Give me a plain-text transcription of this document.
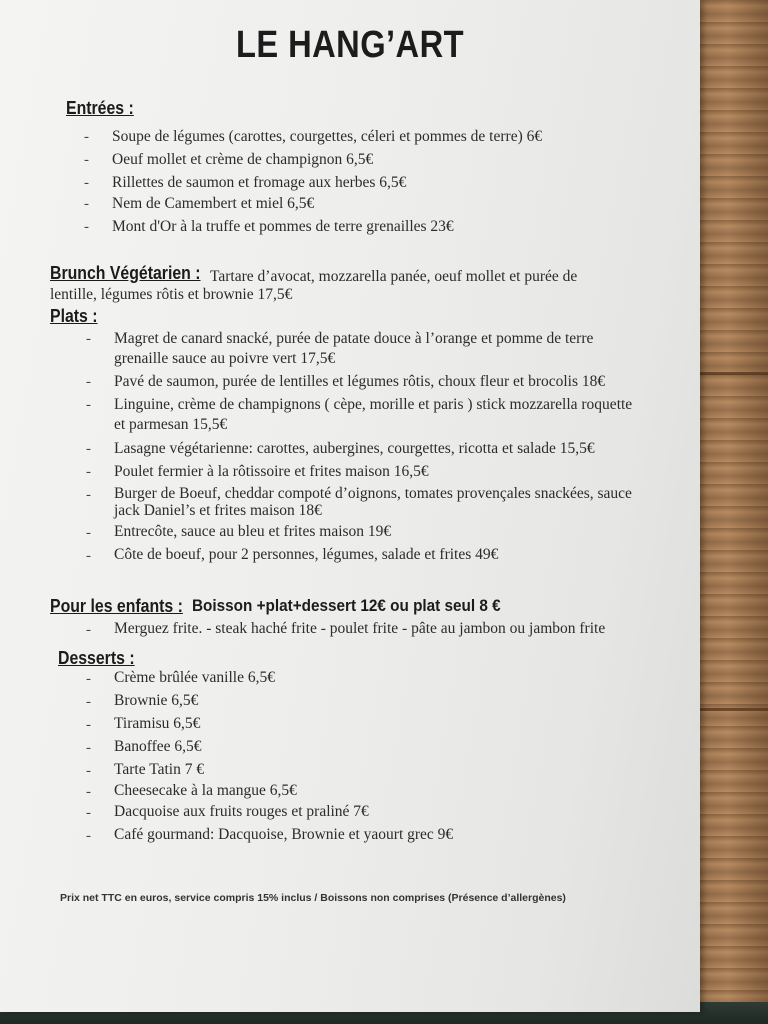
LE HANG’ART
Entrées :
- Soupe de légumes (carottes, courgettes, céleri et pommes de terre) 6€
- Oeuf mollet et crème de champignon 6,5€
- Rillettes de saumon et fromage aux herbes 6,5€
- Nem de Camembert et miel 6,5€
- Mont d'Or à la truffe et pommes de terre grenailles 23€
Brunch Végétarien : Tartare d’avocat, mozzarella panée, oeuf mollet et purée de
lentille, légumes rôtis et brownie 17,5€
Plats :
- Magret de canard snacké, purée de patate douce à l’orange et pomme de terre
grenaille sauce au poivre vert 17,5€
- Pavé de saumon, purée de lentilles et légumes rôtis, choux fleur et brocolis 18€
- Linguine, crème de champignons ( cèpe, morille et paris ) stick mozzarella roquette
et parmesan 15,5€
- Lasagne végétarienne: carottes, aubergines, courgettes, ricotta et salade 15,5€
- Poulet fermier à la rôtissoire et frites maison 16,5€
- Burger de Boeuf, cheddar compoté d’oignons, tomates provençales snackées, sauce
jack Daniel’s et frites maison 18€
- Entrecôte, sauce au bleu et frites maison 19€
- Côte de boeuf, pour 2 personnes, légumes, salade et frites 49€
Pour les enfants : Boisson +plat+dessert 12€ ou plat seul 8 €
- Merguez frite. - steak haché frite - poulet frite - pâte au jambon ou jambon frite
Desserts :
- Crème brûlée vanille 6,5€
- Brownie 6,5€
- Tiramisu 6,5€
- Banoffee 6,5€
- Tarte Tatin 7 €
- Cheesecake à la mangue 6,5€
- Dacquoise aux fruits rouges et praliné 7€
- Café gourmand: Dacquoise, Brownie et yaourt grec 9€
Prix net TTC en euros, service compris 15% inclus / Boissons non comprises (Présence d’allergènes)
